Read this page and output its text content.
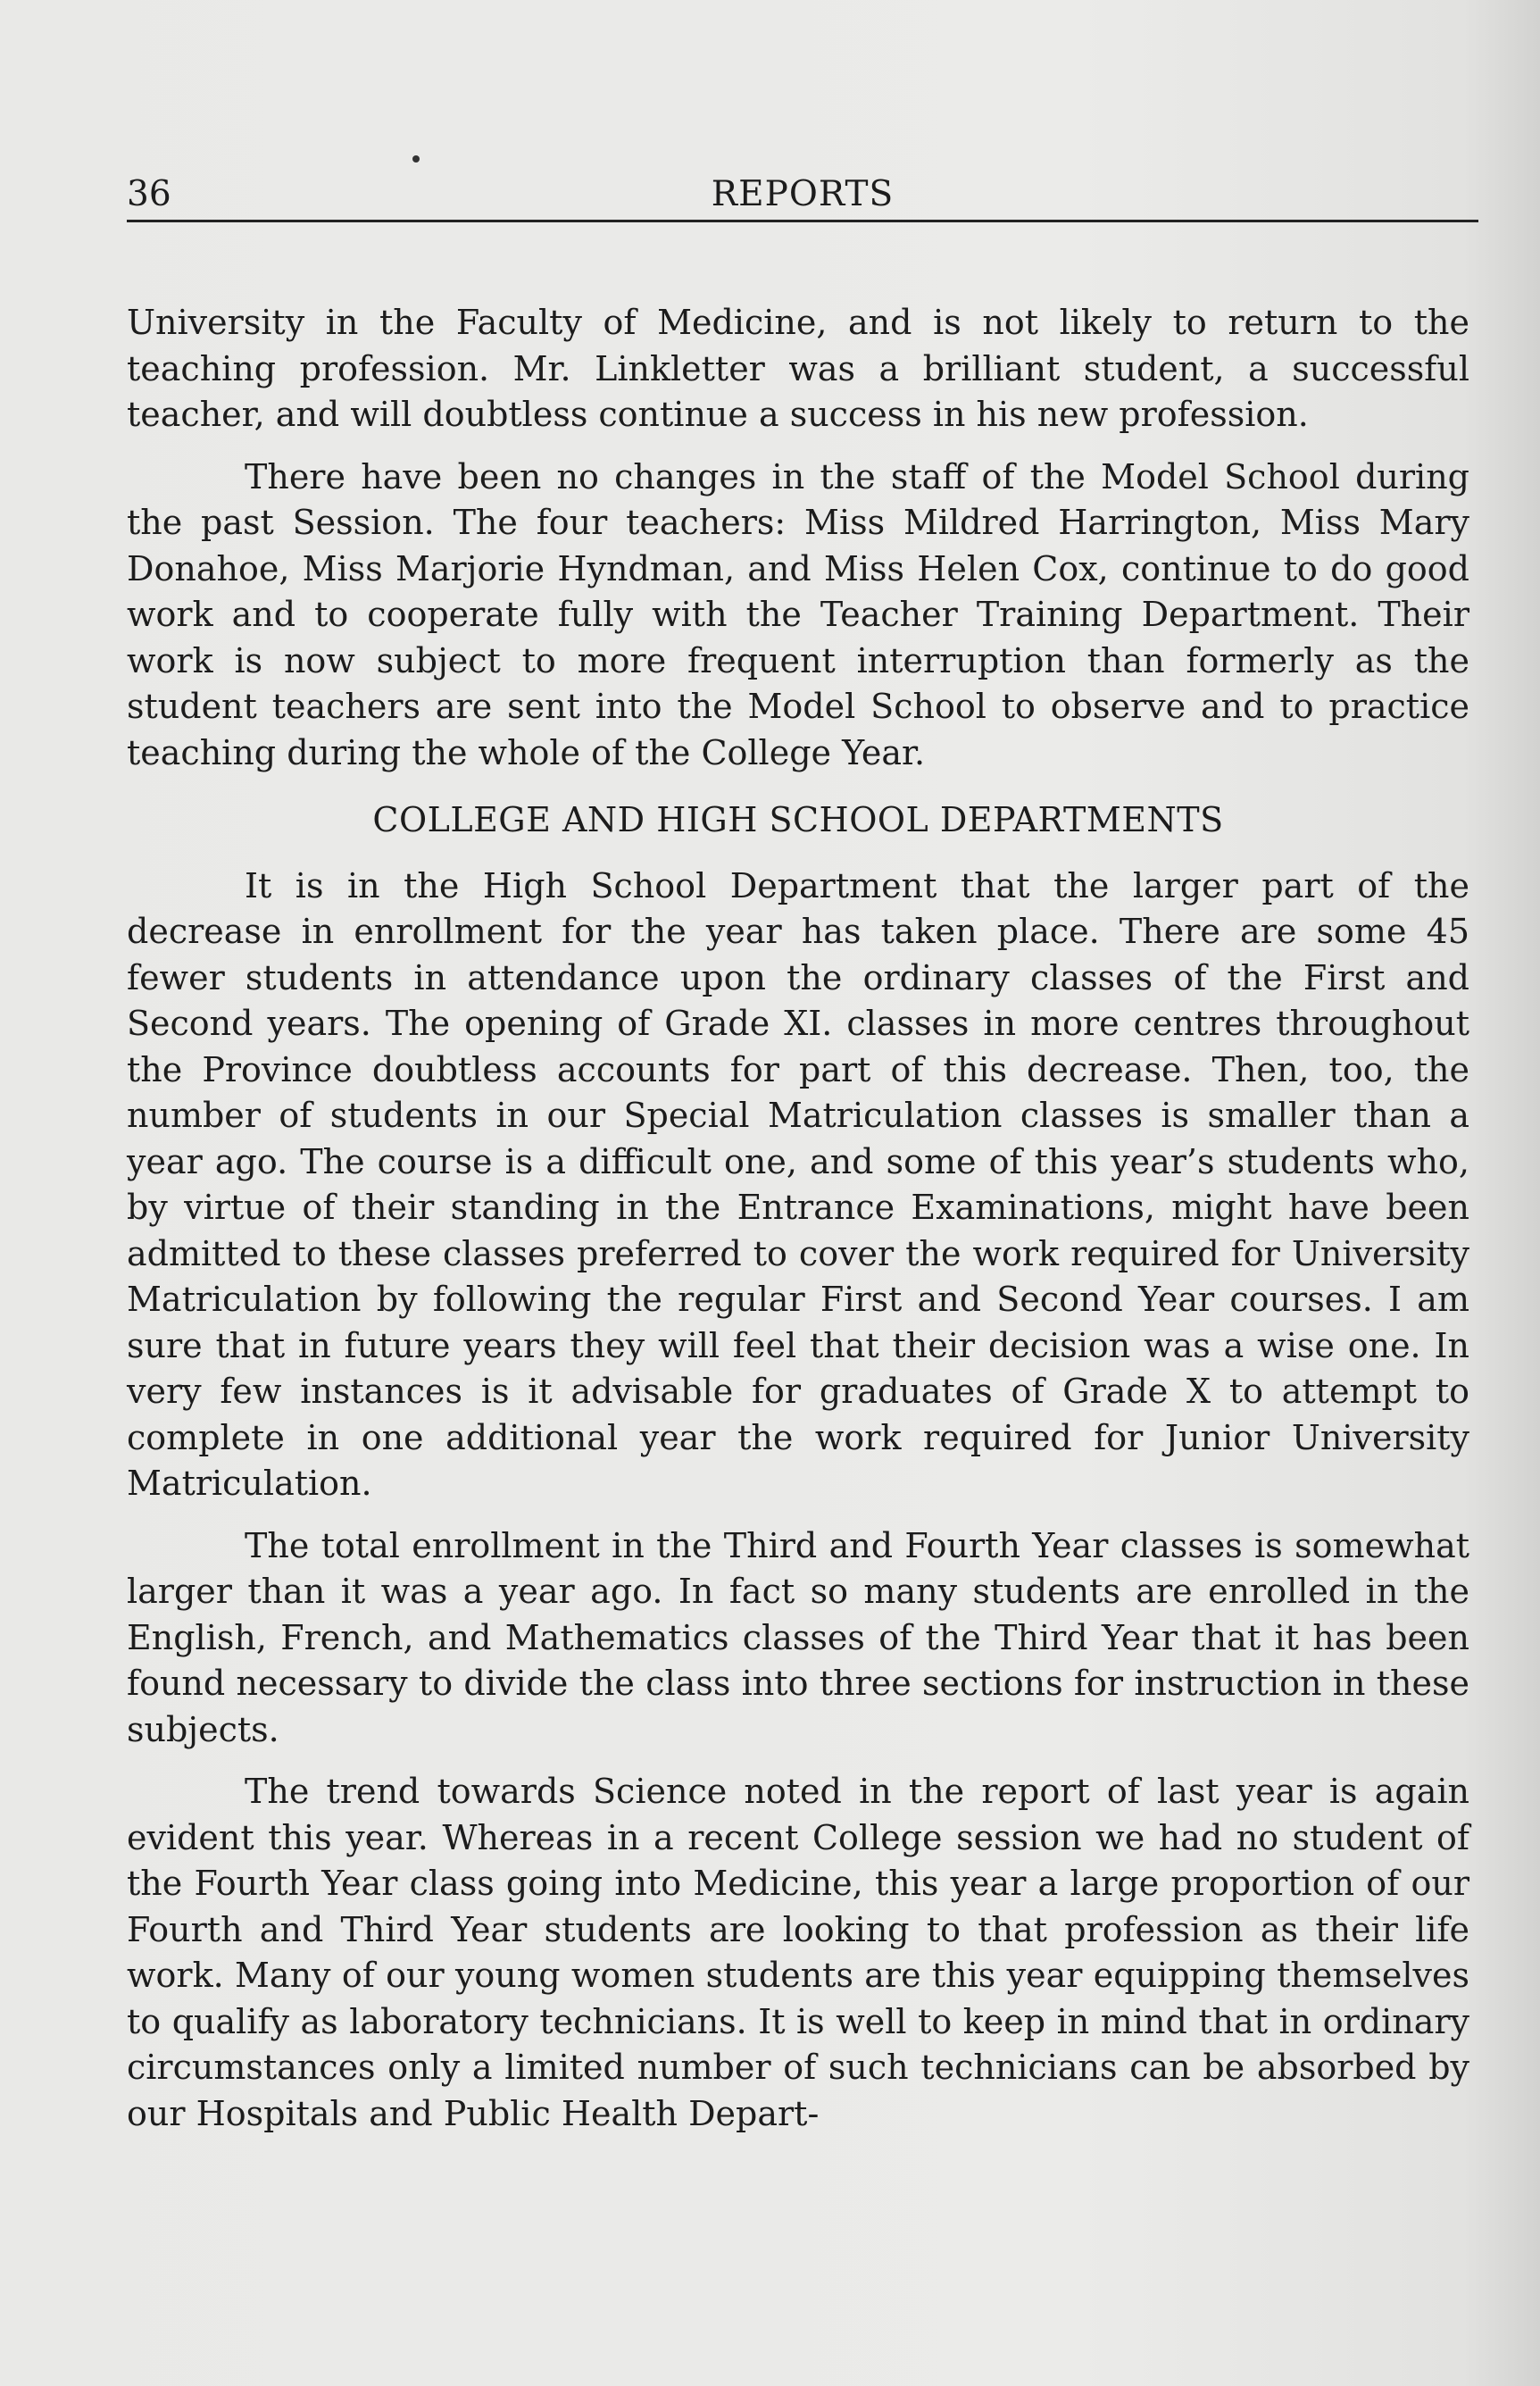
36	REPORTS

University in the Faculty of Medicine, and is not likely to return to the teaching profession. Mr. Linkletter was a brilliant student, a successful teacher, and will doubtless continue a success in his new profession.

There have been no changes in the staff of the Model School during the past Session. The four teachers: Miss Mildred Harrington, Miss Mary Donahoe, Miss Marjorie Hyndman, and Miss Helen Cox, continue to do good work and to cooperate fully with the Teacher Training Department. Their work is now subject to more frequent interruption than formerly as the student teachers are sent into the Model School to observe and to practice teaching during the whole of the College Year.

COLLEGE AND HIGH SCHOOL DEPARTMENTS

It is in the High School Department that the larger part of the decrease in enrollment for the year has taken place. There are some 45 fewer students in attendance upon the ordinary classes of the First and Second years. The opening of Grade XI. classes in more centres throughout the Province doubtless accounts for part of this decrease. Then, too, the number of students in our Special Matriculation classes is smaller than a year ago. The course is a difficult one, and some of this year’s students who, by virtue of their standing in the Entrance Examinations, might have been admitted to these classes preferred to cover the work required for University Matriculation by following the regular First and Second Year courses. I am sure that in future years they will feel that their decision was a wise one. In very few instances is it advisable for graduates of Grade X to attempt to complete in one additional year the work required for Junior University Matriculation.

The total enrollment in the Third and Fourth Year classes is somewhat larger than it was a year ago. In fact so many students are enrolled in the English, French, and Mathematics classes of the Third Year that it has been found necessary to divide the class into three sections for instruction in these subjects.

The trend towards Science noted in the report of last year is again evident this year. Whereas in a recent College session we had no student of the Fourth Year class going into Medicine, this year a large proportion of our Fourth and Third Year students are looking to that profession as their life work. Many of our young women students are this year equipping themselves to qualify as laboratory technicians. It is well to keep in mind that in ordinary circumstances only a limited number of such technicians can be absorbed by our Hospitals and Public Health Depart-
